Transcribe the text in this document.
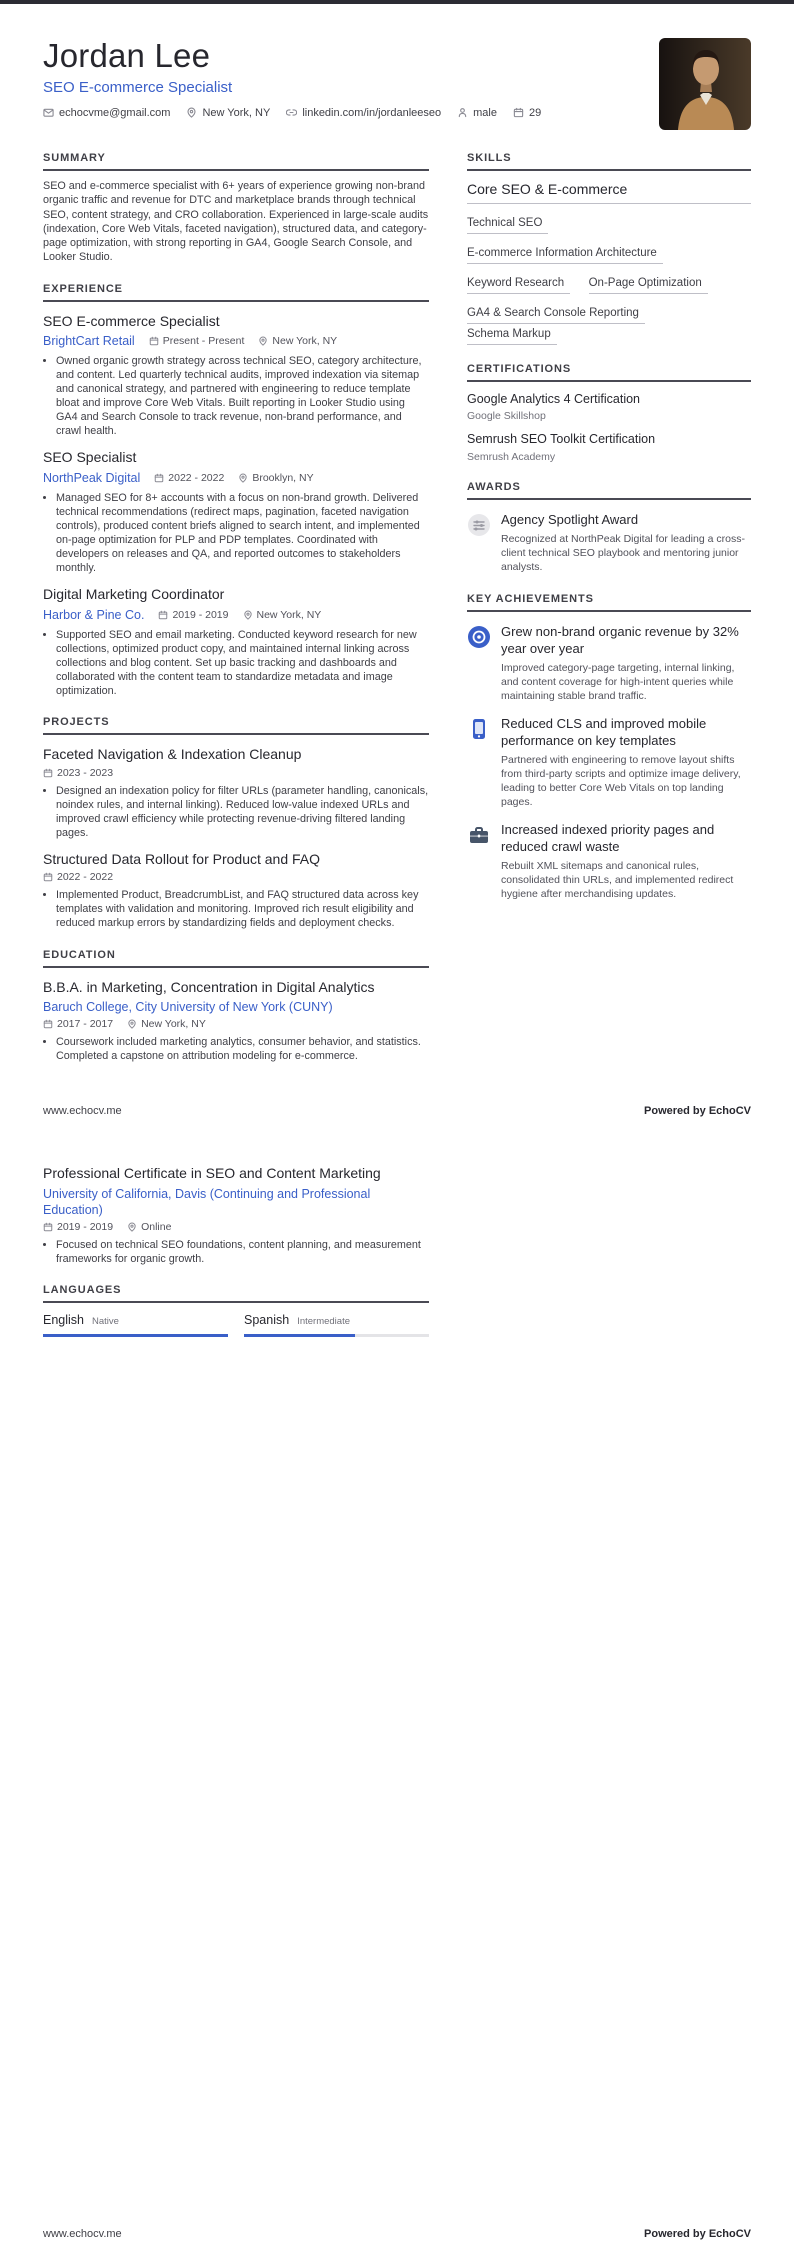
Jordan Lee
SEO E-commerce Specialist
echocvme@gmail.com	New York, NY	linkedin.com/in/jordanleeseo	male	29
SUMMARY

SEO and e-commerce specialist with 6+ years of experience growing non-brand organic traffic and revenue for DTC and marketplace brands through technical SEO, content strategy, and CRO collaboration. Experienced in large-scale audits (indexation, Core Web Vitals, faceted navigation), structured data, and category-page optimization, with strong reporting in GA4, Google Search Console, and Looker Studio.

EXPERIENCE
SEO E-commerce Specialist
BrightCart Retail	Present - Present	New York, NY
• Owned organic growth strategy across technical SEO, category architecture, and content. Led quarterly technical audits, improved indexation via sitemap and canonical strategy, and partnered with engineering to reduce template bloat and improve Core Web Vitals. Built reporting in Looker Studio using GA4 and Search Console to track revenue, non-brand performance, and crawl health.
SEO Specialist
NorthPeak Digital	2022 - 2022	Brooklyn, NY
• Managed SEO for 8+ accounts with a focus on non-brand growth. Delivered technical recommendations (redirect maps, pagination, faceted navigation controls), produced content briefs aligned to search intent, and implemented on-page optimization for PLP and PDP templates. Coordinated with developers on releases and QA, and reported outcomes to stakeholders monthly.
Digital Marketing Coordinator
Harbor & Pine Co.	2019 - 2019	New York, NY
• Supported SEO and email marketing. Conducted keyword research for new collections, optimized product copy, and maintained internal linking across collections and blog content. Set up basic tracking and dashboards and collaborated with the content team to standardize metadata and image optimization.
PROJECTS
Faceted Navigation & Indexation Cleanup
2023 - 2023
• Designed an indexation policy for filter URLs (parameter handling, canonicals, noindex rules, and internal linking). Reduced low-value indexed URLs and improved crawl efficiency while protecting revenue-driving filtered landing pages.
Structured Data Rollout for Product and FAQ
2022 - 2022
• Implemented Product, BreadcrumbList, and FAQ structured data across key templates with validation and monitoring. Improved rich result eligibility and reduced markup errors by standardizing fields and deployment checks.
EDUCATION
B.B.A. in Marketing, Concentration in Digital Analytics
Baruch College, City University of New York (CUNY)
2017 - 2017	New York, NY
• Coursework included marketing analytics, consumer behavior, and statistics. Completed a capstone on attribution modeling for e-commerce.
SKILLS
Core SEO & E-commerce
Technical SEO
E-commerce Information Architecture
Keyword Research On-Page Optimization
GA4 & Search Console Reporting Schema Markup
CERTIFICATIONS
Google Analytics 4 Certification
Google Skillshop
Semrush SEO Toolkit Certification
Semrush Academy
AWARDS
Agency Spotlight Award
Recognized at NorthPeak Digital for leading a cross-client technical SEO playbook and mentoring junior analysts.
KEY ACHIEVEMENTS
Grew non-brand organic revenue by 32% year over year
Improved category-page targeting, internal linking, and content coverage for high-intent queries while maintaining stable brand traffic.
Reduced CLS and improved mobile performance on key templates
Partnered with engineering to remove layout shifts from third-party scripts and optimize image delivery, leading to better Core Web Vitals on top landing pages.
Increased indexed priority pages and reduced crawl waste
Rebuilt XML sitemaps and canonical rules, consolidated thin URLs, and implemented redirect hygiene after merchandising updates.
www.echocv.me	Powered by EchoCV
Professional Certificate in SEO and Content Marketing
University of California, Davis (Continuing and Professional Education)
2019 - 2019	Online
• Focused on technical SEO foundations, content planning, and measurement frameworks for organic growth.
LANGUAGES
English Native	Spanish Intermediate
www.echocv.me	Powered by EchoCV
